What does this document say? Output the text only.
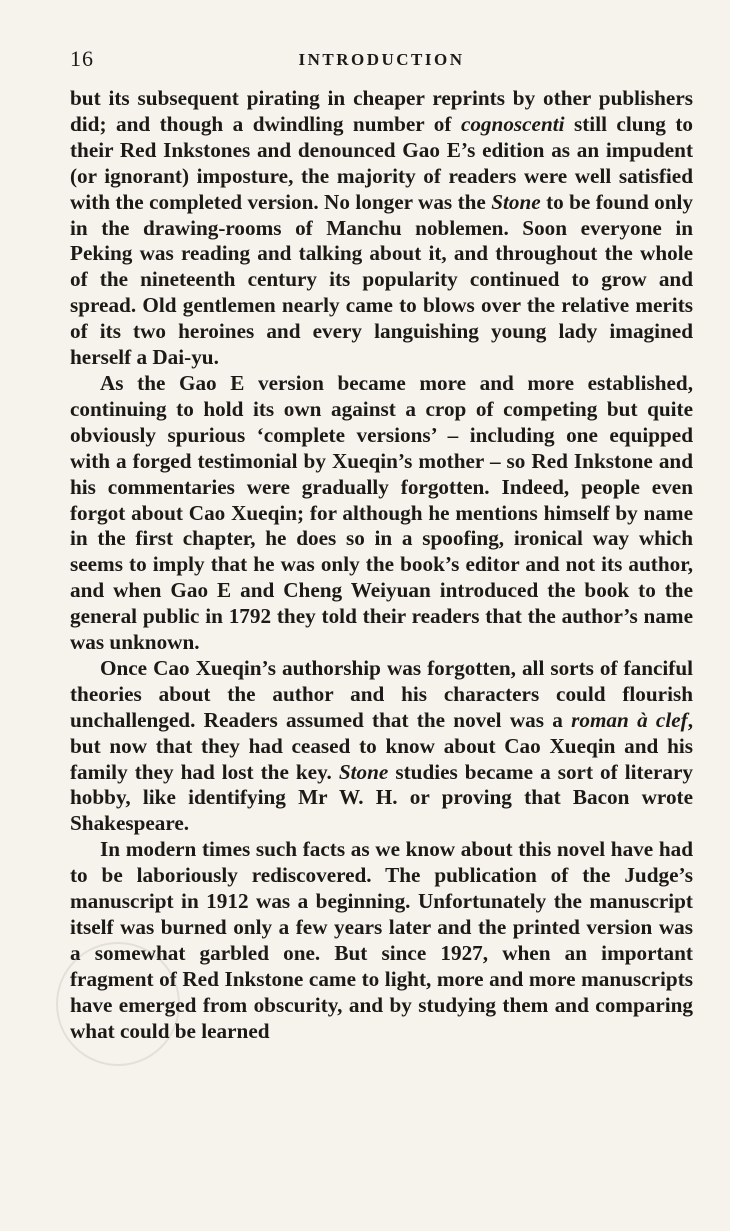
16	INTRODUCTION

but its subsequent pirating in cheaper reprints by other publishers did; and though a dwindling number of cognoscenti still clung to their Red Inkstones and denounced Gao E’s edition as an impudent (or ignorant) imposture, the majority of readers were well satisfied with the completed version. No longer was the Stone to be found only in the drawing-rooms of Manchu noblemen. Soon everyone in Peking was reading and talking about it, and throughout the whole of the nineteenth century its popularity continued to grow and spread. Old gentlemen nearly came to blows over the relative merits of its two heroines and every languishing young lady imagined herself a Dai-yu.

As the Gao E version became more and more established, continuing to hold its own against a crop of competing but quite obviously spurious ‘complete versions’ – including one equipped with a forged testimonial by Xueqin’s mother – so Red Inkstone and his commentaries were gradually forgotten. Indeed, people even forgot about Cao Xueqin; for although he mentions himself by name in the first chapter, he does so in a spoofing, ironical way which seems to imply that he was only the book’s editor and not its author, and when Gao E and Cheng Weiyuan introduced the book to the general public in 1792 they told their readers that the author’s name was unknown.

Once Cao Xueqin’s authorship was forgotten, all sorts of fanciful theories about the author and his characters could flourish unchallenged. Readers assumed that the novel was a roman à clef, but now that they had ceased to know about Cao Xueqin and his family they had lost the key. Stone studies became a sort of literary hobby, like identifying Mr W. H. or proving that Bacon wrote Shakespeare.

In modern times such facts as we know about this novel have had to be laboriously rediscovered. The publication of the Judge’s manuscript in 1912 was a beginning. Unfortunately the manuscript itself was burned only a few years later and the printed version was a somewhat garbled one. But since 1927, when an important fragment of Red Inkstone came to light, more and more manuscripts have emerged from obscurity, and by studying them and comparing what could be learned
